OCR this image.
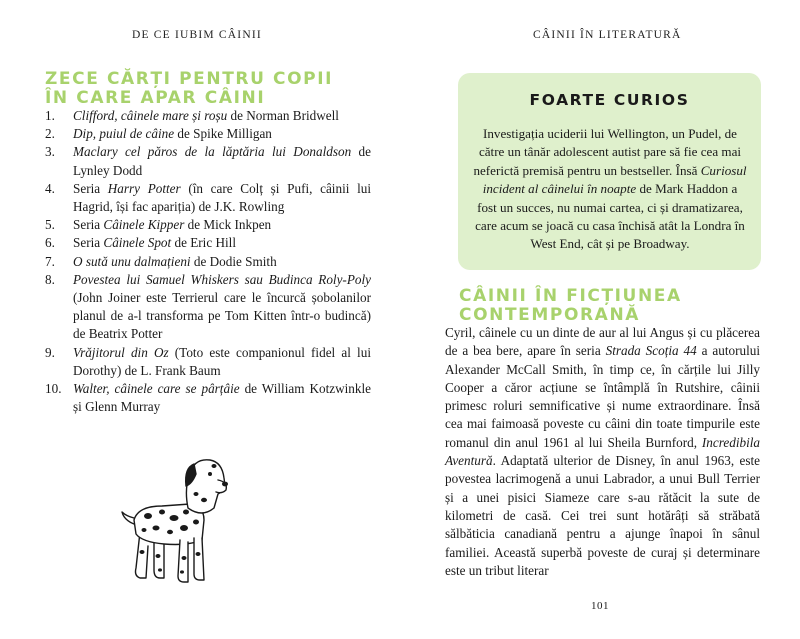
DE CE IUBIM CÂINII
ZECE CĂRȚI PENTRU COPII
ÎN CARE APAR CÂINI
1. Clifford, câinele mare și roșu de Norman Bridwell
2. Dip, puiul de câine de Spike Milligan
3. Maclary cel păros de la lăptăria lui Donaldson de Lynley Dodd
4. Seria Harry Potter (în care Colț și Pufi, câinii lui Hagrid, își fac apariția) de J.K. Rowling
5. Seria Câinele Kipper de Mick Inkpen
6. Seria Câinele Spot de Eric Hill
7. O sută unu dalmațieni de Dodie Smith
8. Povestea lui Samuel Whiskers sau Budinca Roly-Poly (John Joiner este Terrierul care le încurcă șobolanilor planul de a-l transforma pe Tom Kitten într-o budincă) de Beatrix Potter
9. Vrăjitorul din Oz (Toto este companionul fidel al lui Dorothy) de L. Frank Baum
10. Walter, câinele care se pârțâie de William Kotzwinkle și Glenn Murray
CÂINII ÎN LITERATURĂ
FOARTE CURIOS
Investigația uciderii lui Wellington, un Pudel, de către un tânăr adolescent autist pare să fie cea mai neferictă premisă pentru un bestseller. Însă Curiosul incident al câinelui în noapte de Mark Haddon a fost un succes, nu numai cartea, ci și dramatizarea, care acum se joacă cu casa închisă atât la Londra în West End, cât și pe Broadway.
CÂINII ÎN FICȚIUNEA
CONTEMPORANĂ

Cyril, câinele cu un dinte de aur al lui Angus și cu plăcerea de a bea bere, apare în seria Strada Scoția 44 a autorului Alexander McCall Smith, în timp ce, în cărțile lui Jilly Cooper a căror acțiune se întâmplă în Rutshire, câinii primesc roluri semnificative și nume extraordinare. Însă cea mai faimoasă poveste cu câini din toate timpurile este romanul din anul 1961 al lui Sheila Burnford, Incredibila Aventură. Adaptată ulterior de Disney, în anul 1963, este povestea lacrimogenă a unui Labrador, a unui Bull Terrier și a unei pisici Siameze care s-au rătăcit la sute de kilometri de casă. Cei trei sunt hotărâți să străbată sălbăticia canadiană pentru a ajunge înapoi în sânul familiei. Această superbă poveste de curaj și determinare este un tribut literar

101
